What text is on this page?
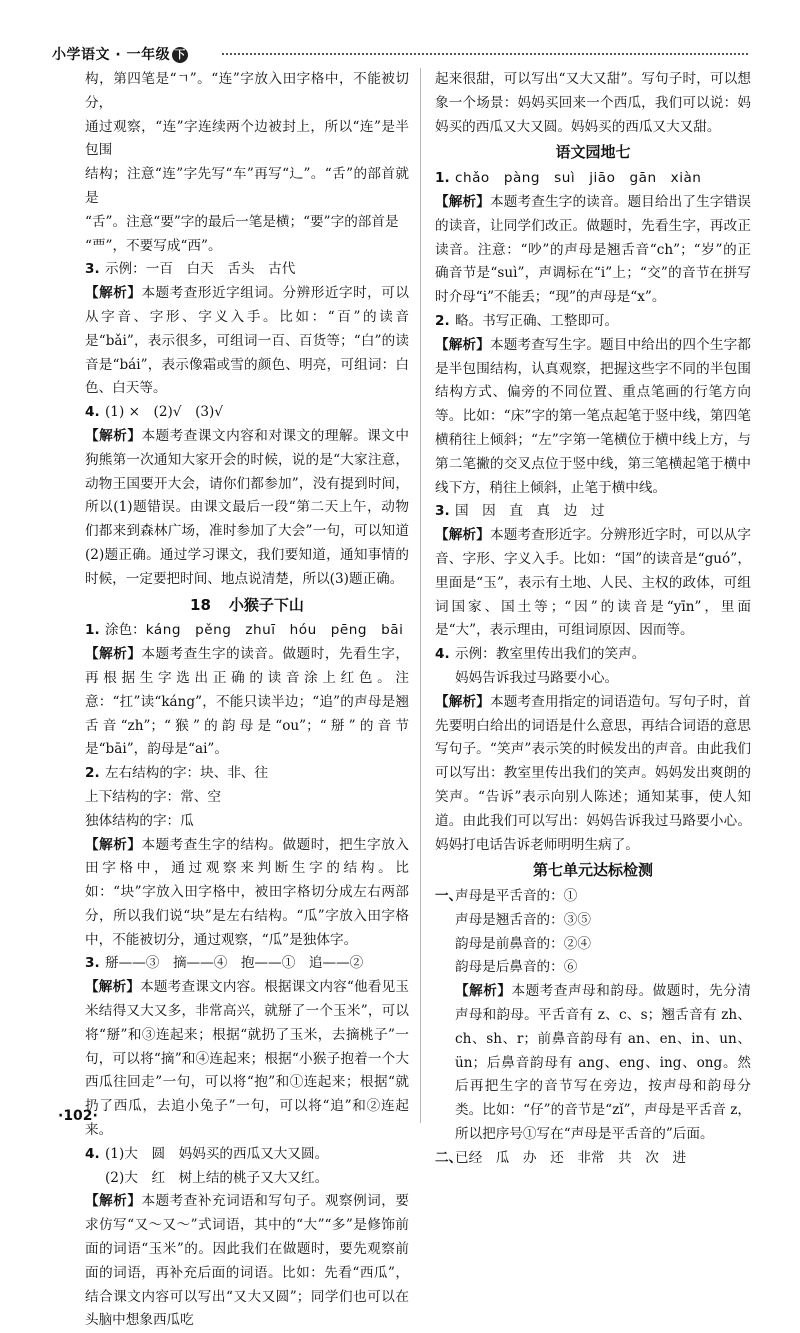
小学语文 · 一年级 下
构，第四笔是“ㄱ”。“连”字放入田字格中，不能被切分，
通过观察，“连”字连续两个边被封上，所以“连”是半包围
结构；注意“连”字先写“车”再写“辶”。“舌”的部首就是
“舌”。注意“要”字的最后一笔是横；“要”字的部首是
“覀”，不要写成“西”。
3. 示例：一百　白天　舌头　古代
【解析】本题考查形近字组词。分辨形近字时，可以从字音、字形、字义入手。比如：“百”的读音是“bǎi”，表示很多，可组词一百、百货等；“白”的读音是“bái”，表示像霜或雪的颜色、明亮，可组词：白色、白天等。
4. (1) ×　(2)√　(3)√
【解析】本题考查课文内容和对课文的理解。课文中狗熊第一次通知大家开会的时候，说的是“大家注意，动物王国要开大会，请你们都参加”，没有提到时间，所以(1)题错误。由课文最后一段“第二天上午，动物们都来到森林广场，准时参加了大会”一句，可以知道(2)题正确。通过学习课文，我们要知道，通知事情的时候，一定要把时间、地点说清楚，所以(3)题正确。
18 小猴子下山
1. 涂色：káng　pěng　zhuī　hóu　pēng　bāi
【解析】本题考查生字的读音。做题时，先看生字，再根据生字选出正确的读音涂上红色。注意：“扛”读“káng”，不能只读半边；“追”的声母是翘舌音“zh”；“猴”的韵母是“ou”；“掰”的音节是“bāi”，韵母是“ai”。
2. 左右结构的字：块、非、往
上下结构的字：常、空
独体结构的字：瓜
【解析】本题考查生字的结构。做题时，把生字放入田字格中，通过观察来判断生字的结构。比如：“块”字放入田字格中，被田字格切分成左右两部分，所以我们说“块”是左右结构。“瓜”字放入田字格中，不能被切分，通过观察，“瓜”是独体字。
3. 掰——③　摘——④　抱——①　追——②
【解析】本题考查课文内容。根据课文内容“他看见玉米结得又大又多，非常高兴，就掰了一个玉米”，可以将“掰”和③连起来；根据“就扔了玉米，去摘桃子”一句，可以将“摘”和④连起来；根据“小猴子抱着一个大西瓜往回走”一句，可以将“抱”和①连起来；根据“就扔了西瓜，去追小兔子”一句，可以将“追”和②连起来。
4. (1)大　圆　妈妈买的西瓜又大又圆。
(2)大　红　树上结的桃子又大又红。
【解析】本题考查补充词语和写句子。观察例词，要求仿写“又～又～”式词语，其中的“大”“多”是修饰前面的词语“玉米”的。因此我们在做题时，要先观察前面的词语，再补充后面的词语。比如：先看“西瓜”，结合课文内容可以写出“又大又圆”；同学们也可以在头脑中想象西瓜吃
起来很甜，可以写出“又大又甜”。写句子时，可以想象一个场景：妈妈买回来一个西瓜，我们可以说：妈妈买的西瓜又大又圆。妈妈买的西瓜又大又甜。
语文园地七
1. chǎo　pàng　suì　jiāo　gān　xiàn
【解析】本题考查生字的读音。题目给出了生字错误的读音，让同学们改正。做题时，先看生字，再改正读音。注意：“吵”的声母是翘舌音“ch”；“岁”的正确音节是“suì”，声调标在“i”上；“交”的音节在拼写时介母“i”不能丢；“现”的声母是“x”。
2. 略。书写正确、工整即可。
【解析】本题考查写生字。题目中给出的四个生字都是半包围结构，认真观察，把握这些字不同的半包围结构方式、偏旁的不同位置、重点笔画的行笔方向等。比如：“床”字的第一笔点起笔于竖中线，第四笔横稍往上倾斜；“左”字第一笔横位于横中线上方，与第二笔撇的交叉点位于竖中线，第三笔横起笔于横中线下方，稍往上倾斜，止笔于横中线。
3. 国　因　直　真　边　过
【解析】本题考查形近字。分辨形近字时，可以从字音、字形、字义入手。比如：“国”的读音是“guó”，里面是“玉”，表示有土地、人民、主权的政体，可组词国家、国土等；“因”的读音是“yīn”，里面是“大”，表示理由，可组词原因、因而等。
4. 示例：教室里传出我们的笑声。
妈妈告诉我过马路要小心。
【解析】本题考查用指定的词语造句。写句子时，首先要明白给出的词语是什么意思，再结合词语的意思写句子。“笑声”表示笑的时候发出的声音。由此我们可以写出：教室里传出我们的笑声。妈妈发出爽朗的笑声。“告诉”表示向别人陈述；通知某事，使人知道。由此我们可以写出：妈妈告诉我过马路要小心。妈妈打电话告诉老师明明生病了。
第七单元达标检测
一、
声母是平舌音的：①
声母是翘舌音的：③⑤
韵母是前鼻音的：②④
韵母是后鼻音的：⑥
【解析】本题考查声母和韵母。做题时，先分清声母和韵母。平舌音有 z、c、s；翘舌音有 zh、ch、sh、r；前鼻音韵母有 an、en、in、un、ün；后鼻音韵母有 ang、eng、ing、ong。然后再把生字的音节写在旁边，按声母和韵母分类。比如：“仔”的音节是“zǐ”，声母是平舌音 z，所以把序号①写在“声母是平舌音的”后面。
二、
已经　瓜　办　还　非常　共　次　进
·102·
